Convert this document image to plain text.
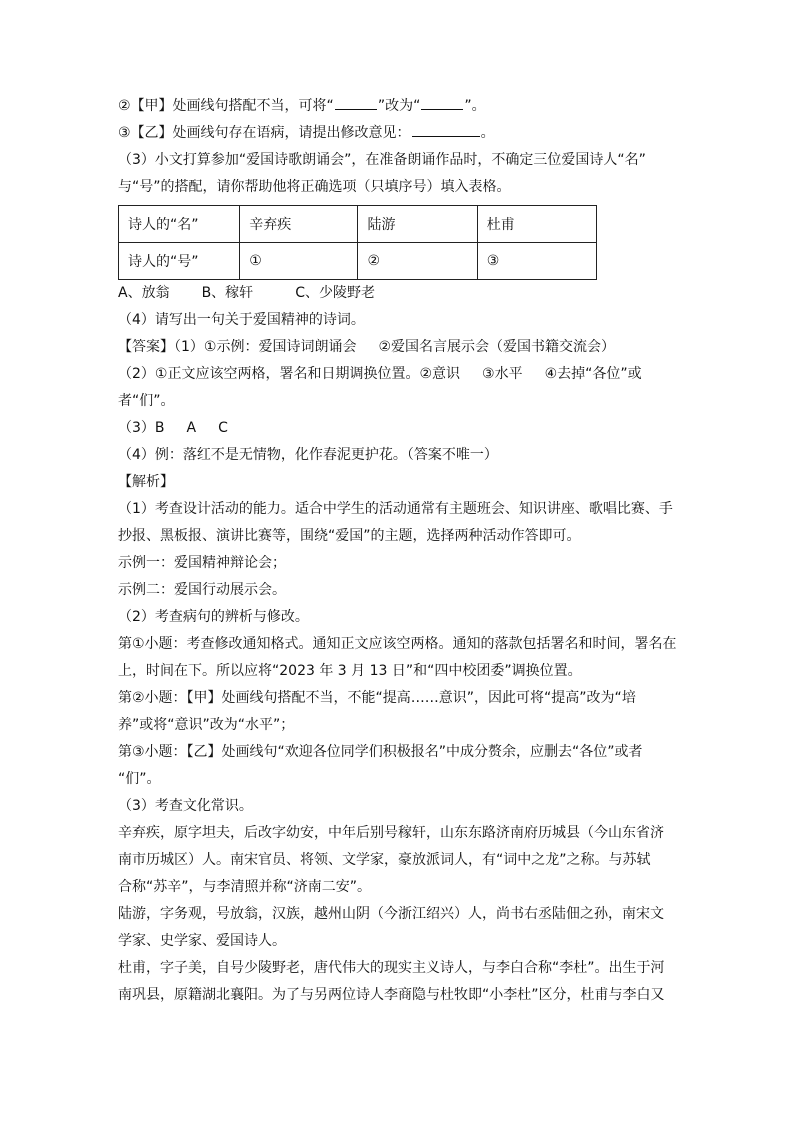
②【甲】处画线句搭配不当，可将“	”改为“	”。
③【乙】处画线句存在语病，请提出修改意见：	。
（3）小文打算参加“爱国诗歌朗诵会”，在准备朗诵作品时，不确定三位爱国诗人“名”
与“号”的搭配，请你帮助他将正确选项（只填序号）填入表格。
诗人的“名”	辛弃疾	陆游	杜甫
诗人的“号”	①	②	③
A、放翁 B、稼轩	C、少陵野老
（4）请写出一句关于爱国精神的诗词。
【答案】（1）①示例：爱国诗词朗诵会 ②爱国名言展示会（爱国书籍交流会）
（2）①正文应该空两格，署名和日期调换位置。②意识 ③水平 ④去掉“各位”或
者“们”。
（3）B A C
（4）例：落红不是无情物，化作春泥更护花。（答案不唯一）
【解析】
（1）考查设计活动的能力。适合中学生的活动通常有主题班会、知识讲座、歌唱比赛、手
抄报、黑板报、演讲比赛等，围绕“爱国”的主题，选择两种活动作答即可。
示例一：爱国精神辩论会；
示例二：爱国行动展示会。
（2）考查病句的辨析与修改。
第①小题：考查修改通知格式。通知正文应该空两格。通知的落款包括署名和时间，署名在
上，时间在下。所以应将“2023 年 3 月 13 日”和“四中校团委”调换位置。
第②小题：【甲】处画线句搭配不当，不能“提高……意识”，因此可将“提高”改为“培
养”或将“意识”改为“水平”；
第③小题：【乙】处画线句“欢迎各位同学们积极报名”中成分赘余，应删去“各位”或者
“们”。
（3）考查文化常识。
辛弃疾，原字坦夫，后改字幼安，中年后别号稼轩，山东东路济南府历城县（今山东省济
南市历城区）人。南宋官员、将领、文学家，豪放派词人，有“词中之龙”之称。与苏轼
合称“苏辛”，与李清照并称“济南二安”。
陆游，字务观，号放翁，汉族，越州山阴（今浙江绍兴）人，尚书右丞陆佃之孙，南宋文
学家、史学家、爱国诗人。
杜甫，字子美，自号少陵野老，唐代伟大的现实主义诗人，与李白合称“李杜”。出生于河
南巩县，原籍湖北襄阳。为了与另两位诗人李商隐与杜牧即“小李杜”区分，杜甫与李白又
